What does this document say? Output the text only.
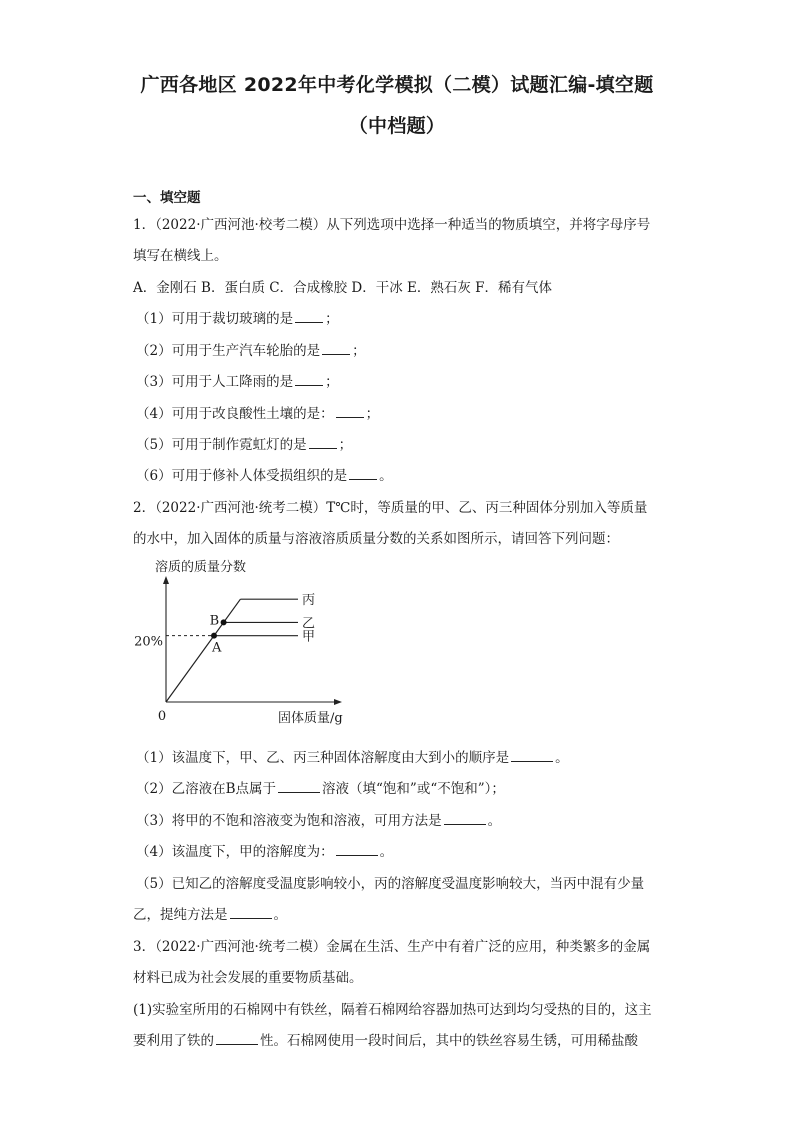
广西各地区 2022年中考化学模拟（二模）试题汇编-填空题
（中档题）
一、填空题
1．（2022·广西河池·校考二模）从下列选项中选择一种适当的物质填空，并将字母序号
填写在横线上。
A．金刚石 B．蛋白质 C．合成橡胶 D．干冰 E．熟石灰 F．稀有气体
（1）可用于裁切玻璃的是 ；
（2）可用于生产汽车轮胎的是 ；
（3）可用于人工降雨的是 ；
（4）可用于改良酸性土壤的是： ；
（5）可用于制作霓虹灯的是 ；
（6）可用于修补人体受损组织的是 。
2．（2022·广西河池·统考二模）T℃时，等质量的甲、乙、丙三种固体分别加入等质量
的水中，加入固体的质量与溶液溶质质量分数的关系如图所示，请回答下列问题：
溶质的质量分数
0	固体质量/g
甲
A
乙
B
丙
20%
（1）该温度下，甲、乙、丙三种固体溶解度由大到小的顺序是	。
（2）乙溶液在B点属于	溶液（填“饱和”或“不饱和”）；
（3）将甲的不饱和溶液变为饱和溶液，可用方法是	。
（4）该温度下，甲的溶解度为：	。
（5）已知乙的溶解度受温度影响较小，丙的溶解度受温度影响较大，当丙中混有少量
乙，提纯方法是	。
3．（2022·广西河池·统考二模）金属在生活、生产中有着广泛的应用，种类繁多的金属
材料已成为社会发展的重要物质基础。
(1)实验室所用的石棉网中有铁丝，隔着石棉网给容器加热可达到均匀受热的目的，这主
要利用了铁的	性。石棉网使用一段时间后，其中的铁丝容易生锈，可用稀盐酸
